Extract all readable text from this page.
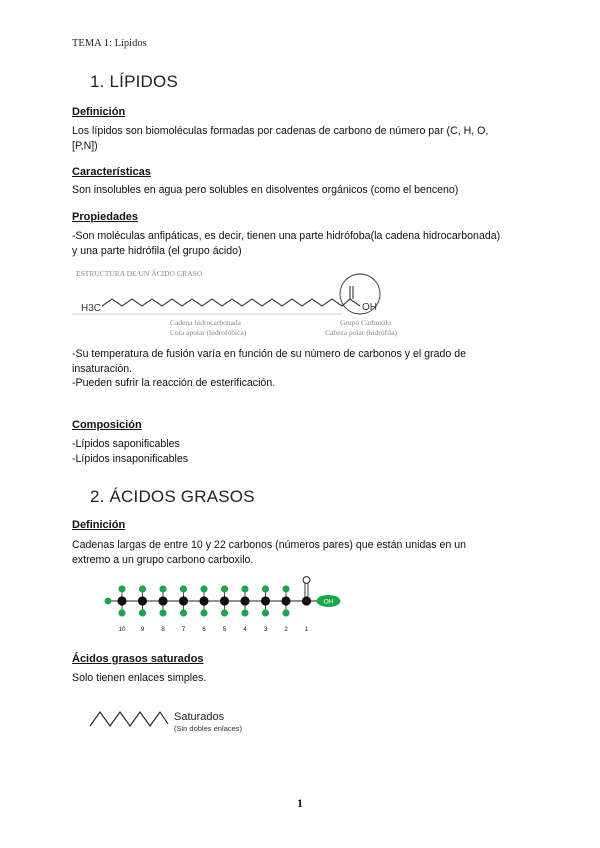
TEMA 1: Lípidos
1. LÍPIDOS
Definición
Los lípidos son biomoléculas formadas por cadenas de carbono de número par (C, H, O,
[P,N])
Características
Son insolubles en agua pero solubles en disolventes orgánicos (como el benceno)
Propiedades
-Son moléculas anfipáticas, es decir, tienen una parte hidrófoba(la cadena hidrocarbonada)
y una parte hidrófila (el grupo ácido)
ESTRUCTURA DE UN ÁCIDO GRASO
H3C	OH
Cadena hidrocarbonada
Cola apolar (hidrofóbica)
Grupo Carboxilo
Cabeza polar (hidrófila)
-Su temperatura de fusión varía en función de su número de carbonos y el grado de
insaturación.
-Pueden sufrir la reacción de esterificación.
Composición
-Lípidos saponificables
-Lípidos insaponificables
2. ÁCIDOS GRASOS
Definición
Cadenas largas de entre 10 y 22 carbonos (números pares) que están unidas en un
extremo a un grupo carbono carboxilo.
10 9	8	7	6	5	4	3	2
OH
1
Ácidos grasos saturados
Solo tienen enlaces simples.
Saturados
(Sin dobles enlaces)
1
